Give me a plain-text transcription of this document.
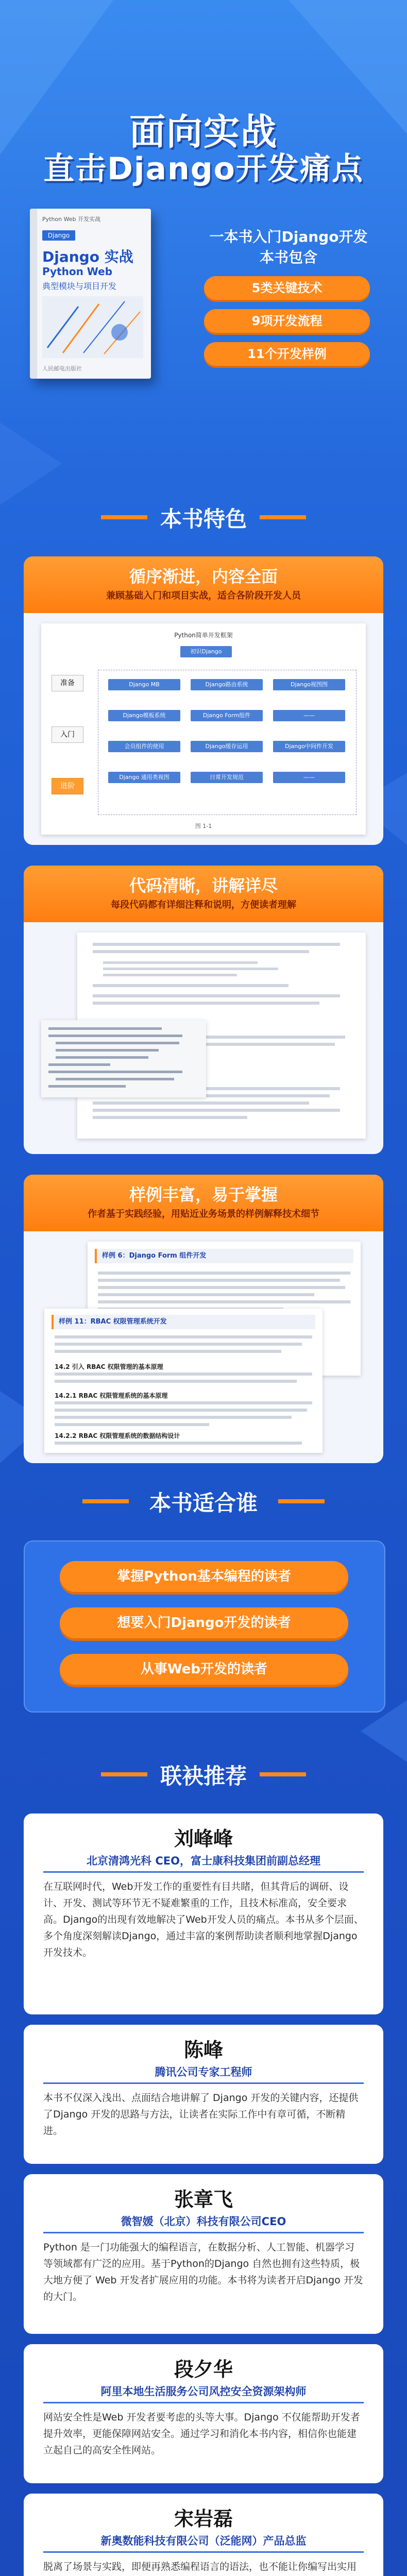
面向实战
直击Django开发痛点
Python Web 开发实战
Django
Django 实战
Python Web
典型模块与项目开发
人民邮电出版社
一本书入门Django开发
本书包含
5类关键技术
9项开发流程
11个开发样例
本书特色
循序渐进，内容全面
兼顾基础入门和项目实战，适合各阶段开发人员
Python简单开发框架
初识Django
准备
入门
进阶
Django MB	Django路由系统	Django视图图
Django模板系统	Django Form组件	——
会员组件的使用	Django缓存运用	Django中间件开发
Django 通用类视图	日常开发规范	——
图 1-1
代码清晰，讲解详尽
每段代码都有详细注释和说明，方便读者理解
样例丰富，易于掌握
作者基于实践经验，用贴近业务场景的样例解释技术细节
样例 6：Django Form 组件开发
样例 11：RBAC 权限管理系统开发
14.2 引入 RBAC 权限管理的基本原理
14.2.1 RBAC 权限管理系统的基本原理
14.2.2 RBAC 权限管理系统的数据结构设计
本书适合谁
掌握Python基本编程的读者
想要入门Django开发的读者
从事Web开发的读者
联袂推荐
刘峰峰
北京清鸿光科 CEO，富士康科技集团前副总经理
在互联网时代，Web开发工作的重要性有目共睹，但其背后的调研、设计、开发、测试等环节无不疑难繁重的工作，且技术标准高，安全要求高。Django的出现有效地解决了Web开发人员的痛点。本书从多个层面、多个角度深刻解读Django，通过丰富的案例帮助读者顺利地掌握Django 开发技术。
陈峰
腾讯公司专家工程师
本书不仅深入浅出、点面结合地讲解了 Django 开发的关键内容，还提供了Django 开发的思路与方法，让读者在实际工作中有章可循，不断精进。
张章飞
微智媛（北京）科技有限公司CEO
Python 是一门功能强大的编程语言，在数据分析、人工智能、机器学习等领域都有广泛的应用。基于Python的Django 自然也拥有这些特质，极大地方便了 Web 开发者扩展应用的功能。本书将为读者开启Django 开发的大门。
段夕华
阿里本地生活服务公司风控安全资源架构师
网站安全性是Web 开发者要考虑的头等大事。Django 不仅能帮助开发者提升效率，更能保障网站安全。通过学习和消化本书内容，相信你也能建立起自己的高安全性网站。
宋岩磊
新奥数能科技有限公司（泛能网）产品总监
脱离了场景与实践，即便再熟悉编程语言的语法，也不能让你编写出实用
